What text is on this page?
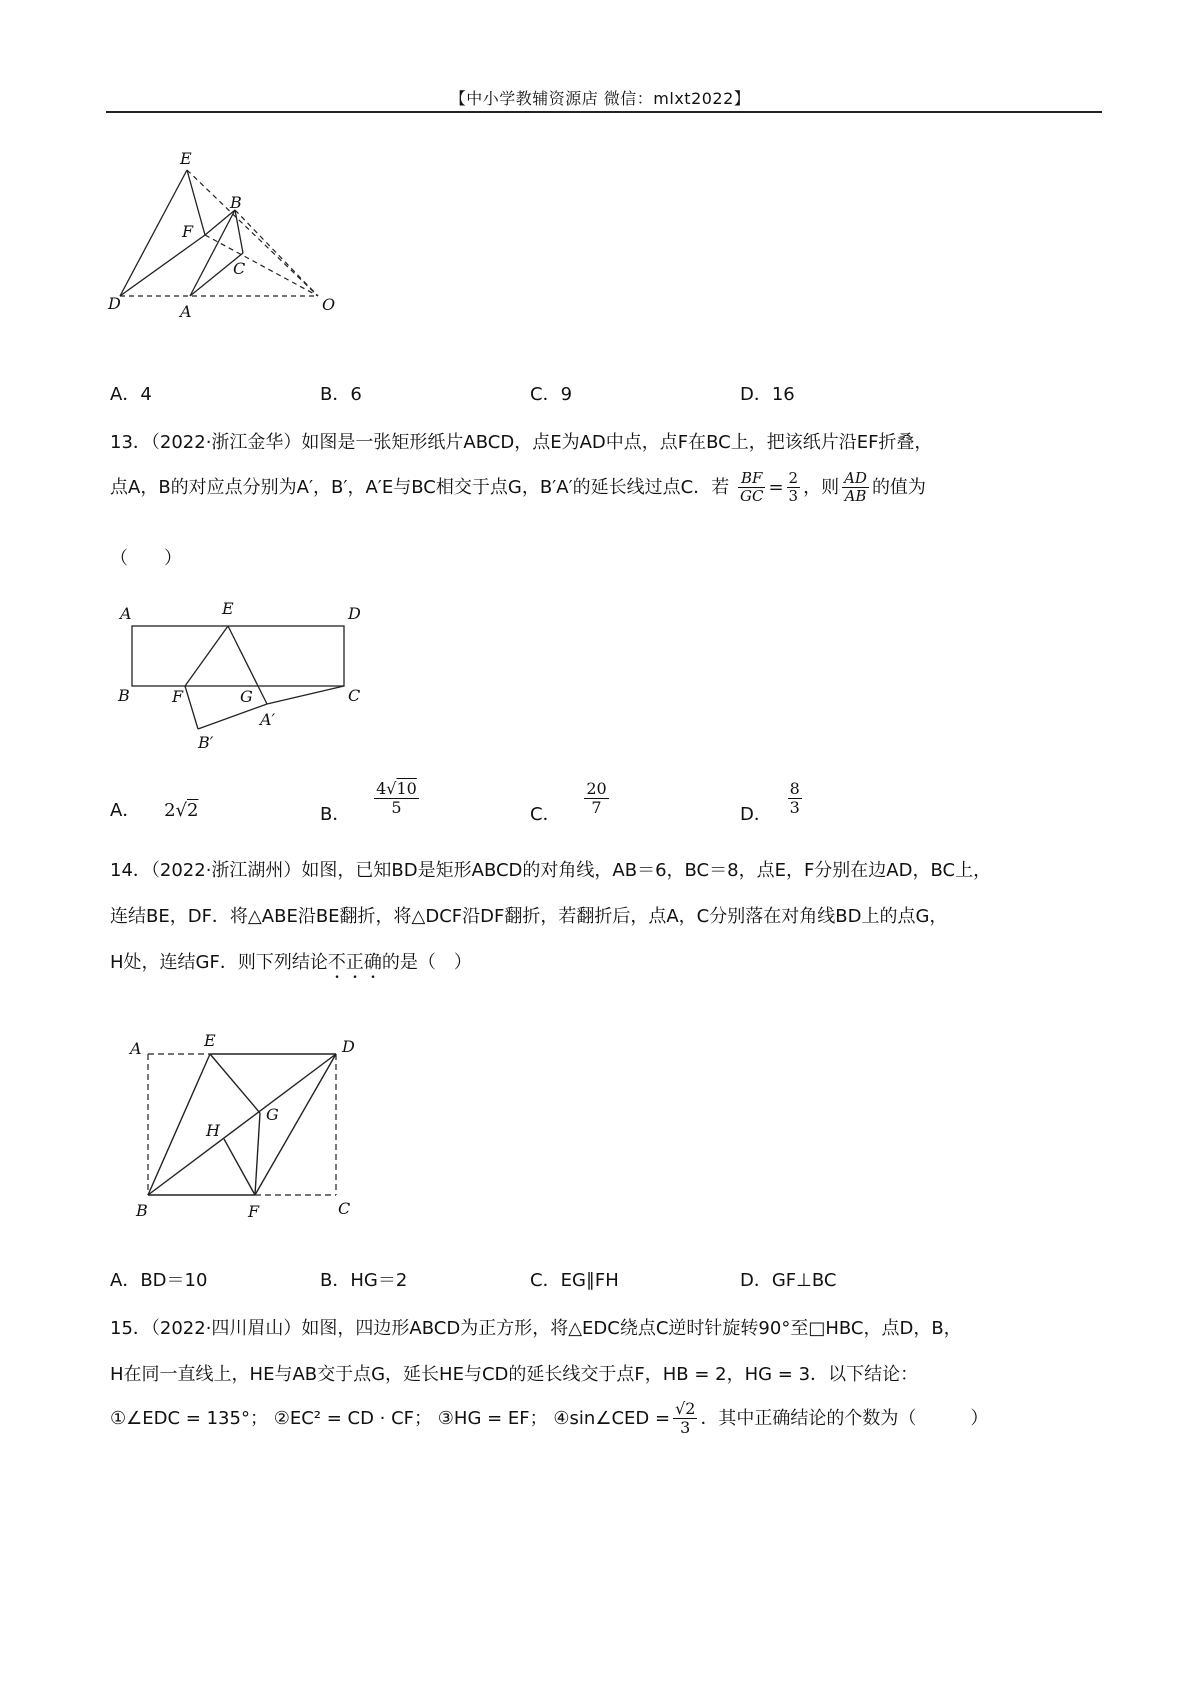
【中小学教辅资源店 微信：mlxt2022】
E
B
F
C
D	A	O
A．4	B．6	C．9	D．16
13．（2022·浙江金华）如图是一张矩形纸片ABCD，点E为AD中点，点F在BC上，把该纸片沿EF折叠，
点A，B的对应点分别为A′，B′，A′E与BC相交于点G，B′A′的延长线过点C．若 $\frac{BF}{GC} = \frac{2}{3}$ ，则 $\frac{AD}{AB}$ 的值为
（　　）
A	E	D
B	F	G	C
A′
B′
A． 2√2	B． $\frac{4√10}{5}$	C． $\frac{20}{7}$	D． $\frac{8}{3}$
14．（2022·浙江湖州）如图，已知BD是矩形ABCD的对角线，AB＝6，BC＝8，点E，F分别在边AD，BC上，
连结BE，DF．将△ABE沿BE翻折，将△DCF沿DF翻折，若翻折后，点A，C分别落在对角线BD上的点G，
H处，连结GF．则下列结论不正确的是（　）
A	E	D
G
H
B	F	C
A．BD＝10	B．HG＝2	C．EG∥FH	D．GF⊥BC
15．（2022·四川眉山）如图，四边形ABCD为正方形，将△EDC绕点C逆时针旋转90°至□HBC，点D，B，
H在同一直线上，HE与AB交于点G，延长HE与CD的延长线交于点F，HB = 2，HG = 3．以下结论：
①∠EDC = 135°； ②EC² = CD · CF； ③HG = EF； ④sin∠CED = $\frac{√2}{3}$ ．其中正确结论的个数为（　　　）
